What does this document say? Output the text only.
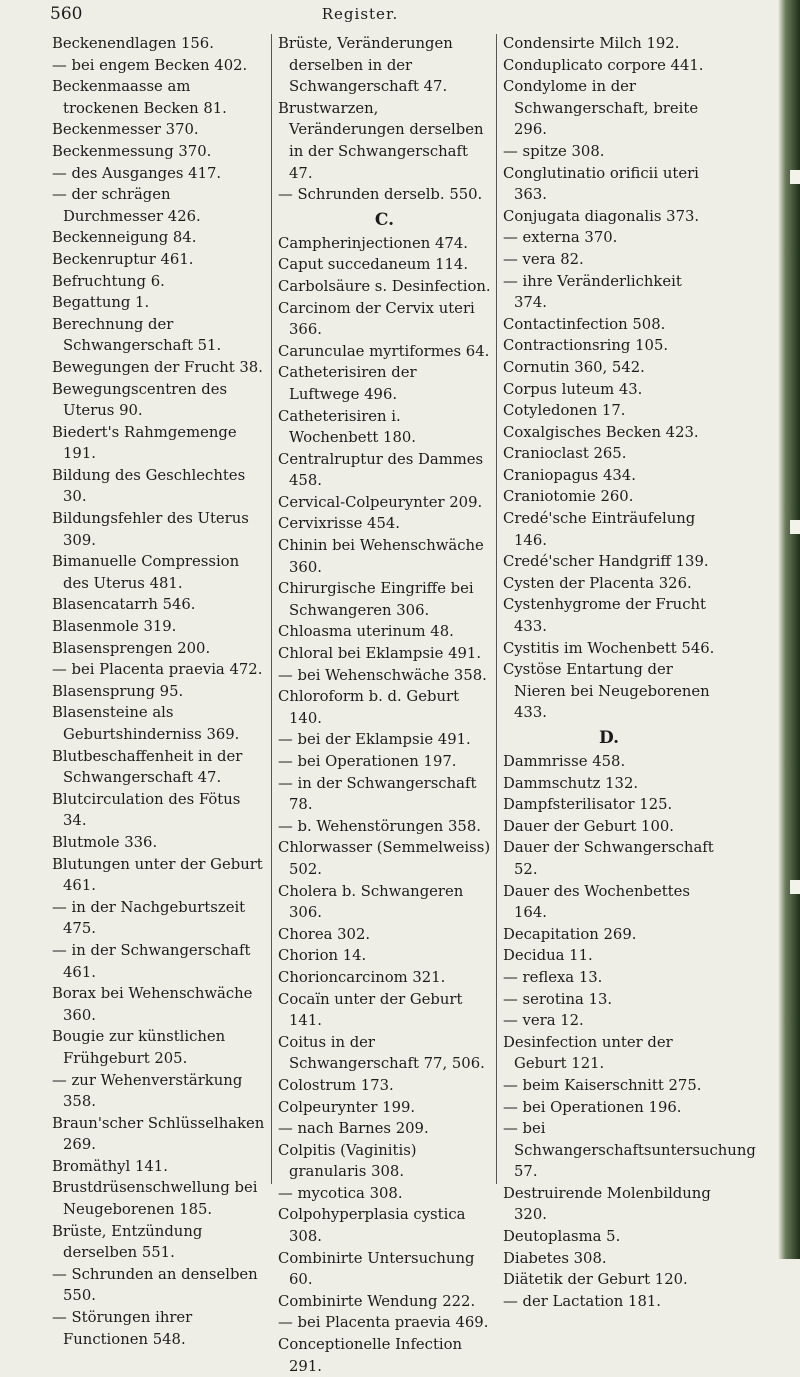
560	Register.
Beckenendlagen 156.
— bei engem Becken 402.
Beckenmaasse am trockenen Becken 81.
Beckenmesser 370.
Beckenmessung 370.
— des Ausganges 417.
— der schrägen Durchmesser 426.
Beckenneigung 84.
Beckenruptur 461.
Befruchtung 6.
Begattung 1.
Berechnung der Schwangerschaft 51.
Bewegungen der Frucht 38.
Bewegungscentren des Uterus 90.
Biedert's Rahmgemenge 191.
Bildung des Geschlechtes 30.
Bildungsfehler des Uterus 309.
Bimanuelle Compression des Uterus 481.
Blasencatarrh 546.
Blasenmole 319.
Blasensprengen 200.
— bei Placenta praevia 472.
Blasensprung 95.
Blasensteine als Geburtshinderniss 369.
Blutbeschaffenheit in der Schwangerschaft 47.
Blutcirculation des Fötus 34.
Blutmole 336.
Blutungen unter der Geburt 461.
— in der Nachgeburtszeit 475.
— in der Schwangerschaft 461.
Borax bei Wehenschwäche 360.
Bougie zur künstlichen Frühgeburt 205.
— zur Wehenverstärkung 358.
Braun'scher Schlüsselhaken 269.
Bromäthyl 141.
Brustdrüsenschwellung bei Neugeborenen 185.
Brüste, Entzündung derselben 551.
— Schrunden an denselben 550.
— Störungen ihrer Functionen 548.
Brüste, Veränderungen derselben in der Schwangerschaft 47.
Brustwarzen, Veränderungen derselben in der Schwangerschaft 47.
— Schrunden derselb. 550.
C.
Campherinjectionen 474.
Caput succedaneum 114.
Carbolsäure s. Desinfection.
Carcinom der Cervix uteri 366.
Carunculae myrtiformes 64.
Catheterisiren der Luftwege 496.
Catheterisiren i. Wochenbett 180.
Centralruptur des Dammes 458.
Cervical-Colpeurynter 209.
Cervixrisse 454.
Chinin bei Wehenschwäche 360.
Chirurgische Eingriffe bei Schwangeren 306.
Chloasma uterinum 48.
Chloral bei Eklampsie 491.
— bei Wehenschwäche 358.
Chloroform b. d. Geburt 140.
— bei der Eklampsie 491.
— bei Operationen 197.
— in der Schwangerschaft 78.
— b. Wehenstörungen 358.
Chlorwasser (Semmelweiss) 502.
Cholera b. Schwangeren 306.
Chorea 302.
Chorion 14.
Chorioncarcinom 321.
Cocaïn unter der Geburt 141.
Coitus in der Schwangerschaft 77, 506.
Colostrum 173.
Colpeurynter 199.
— nach Barnes 209.
Colpitis (Vaginitis) granularis 308.
— mycotica 308.
Colpohyperplasia cystica 308.
Combinirte Untersuchung 60.
Combinirte Wendung 222.
— bei Placenta praevia 469.
Conceptionelle Infection 291.
Condensirte Milch 192.
Conduplicato corpore 441.
Condylome in der Schwangerschaft, breite 296.
— spitze 308.
Conglutinatio orificii uteri 363.
Conjugata diagonalis 373.
— externa 370.
— vera 82.
— ihre Veränderlichkeit 374.
Contactinfection 508.
Contractionsring 105.
Cornutin 360, 542.
Corpus luteum 43.
Cotyledonen 17.
Coxalgisches Becken 423.
Cranioclast 265.
Craniopagus 434.
Craniotomie 260.
Credé'sche Einträufelung 146.
Credé'scher Handgriff 139.
Cysten der Placenta 326.
Cystenhygrome der Frucht 433.
Cystitis im Wochenbett 546.
Cystöse Entartung der Nieren bei Neugeborenen 433.
D.
Dammrisse 458.
Dammschutz 132.
Dampfsterilisator 125.
Dauer der Geburt 100.
Dauer der Schwangerschaft 52.
Dauer des Wochenbettes 164.
Decapitation 269.
Decidua 11.
— reflexa 13.
— serotina 13.
— vera 12.
Desinfection unter der Geburt 121.
— beim Kaiserschnitt 275.
— bei Operationen 196.
— bei Schwangerschaftsuntersuchung 57.
Destruirende Molenbildung 320.
Deutoplasma 5.
Diabetes 308.
Diätetik der Geburt 120.
— der Lactation 181.
